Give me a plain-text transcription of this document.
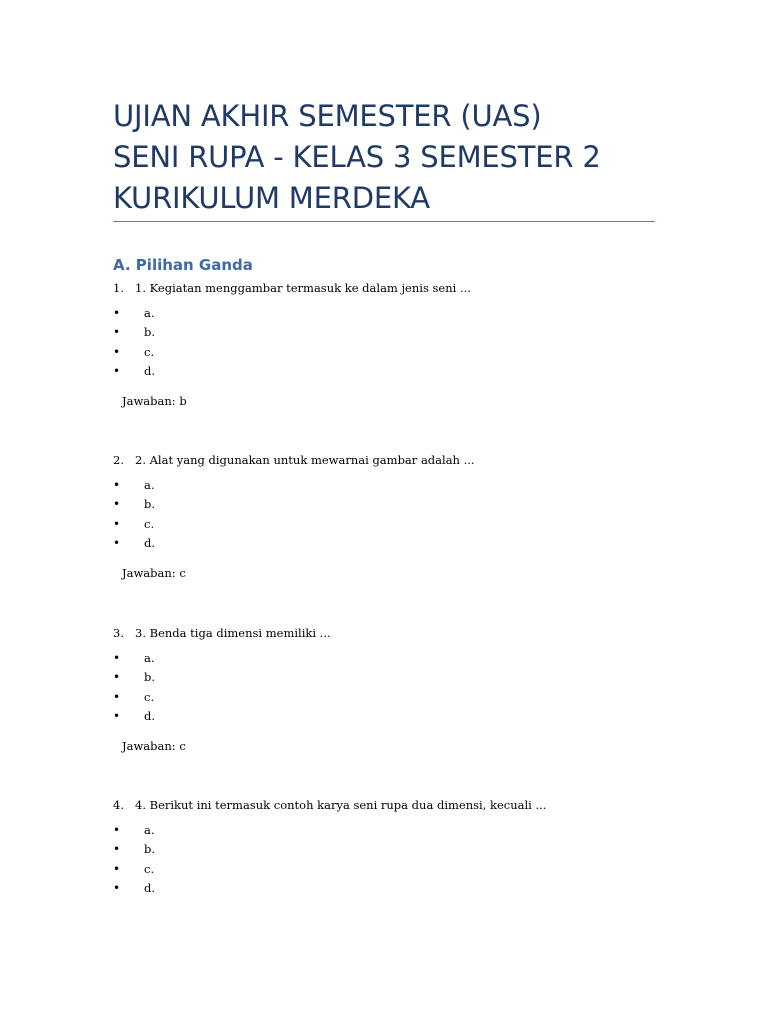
UJIAN AKHIR SEMESTER (UAS)
SENI RUPA - KELAS 3 SEMESTER 2
KURIKULUM MERDEKA
A. Pilihan Ganda
1. 1. Kegiatan menggambar termasuk ke dalam jenis seni ...
• a.
• b.
• c.
• d.
Jawaban: b
2. 2. Alat yang digunakan untuk mewarnai gambar adalah ...
• a.
• b.
• c.
• d.
Jawaban: c
3. 3. Benda tiga dimensi memiliki ...
• a.
• b.
• c.
• d.
Jawaban: c
4. 4. Berikut ini termasuk contoh karya seni rupa dua dimensi, kecuali ...
• a.
• b.
• c.
• d.
